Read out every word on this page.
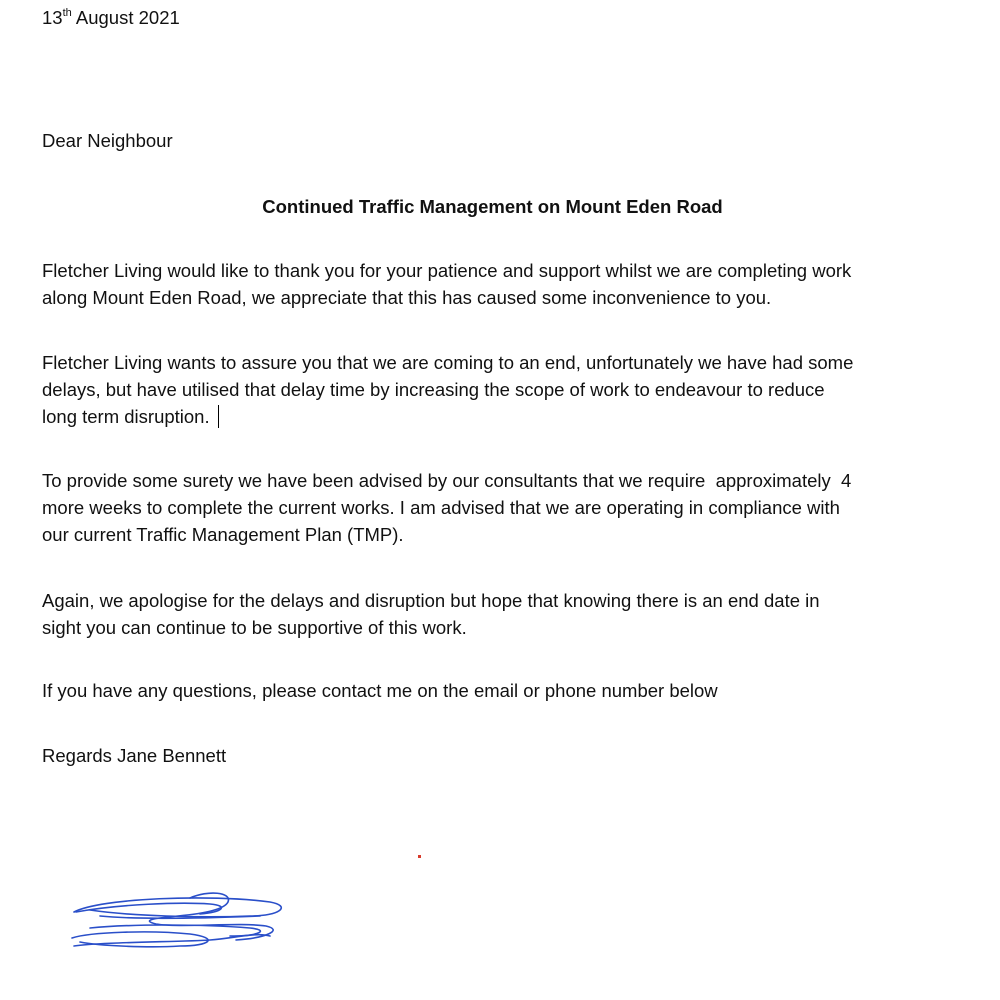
13th August 2021
Dear Neighbour
Continued Traffic Management on Mount Eden Road
Fletcher Living would like to thank you for your patience and support whilst we are completing work
along Mount Eden Road, we appreciate that this has caused some inconvenience to you.
Fletcher Living wants to assure you that we are coming to an end, unfortunately we have had some
delays, but have utilised that delay time by increasing the scope of work to endeavour to reduce
long term disruption.
To provide some surety we have been advised by our consultants that we require  approximately  4
more weeks to complete the current works. I am advised that we are operating in compliance with
our current Traffic Management Plan (TMP).
Again, we apologise for the delays and disruption but hope that knowing there is an end date in
sight you can continue to be supportive of this work.
If you have any questions, please contact me on the email or phone number below
Regards Jane Bennett
